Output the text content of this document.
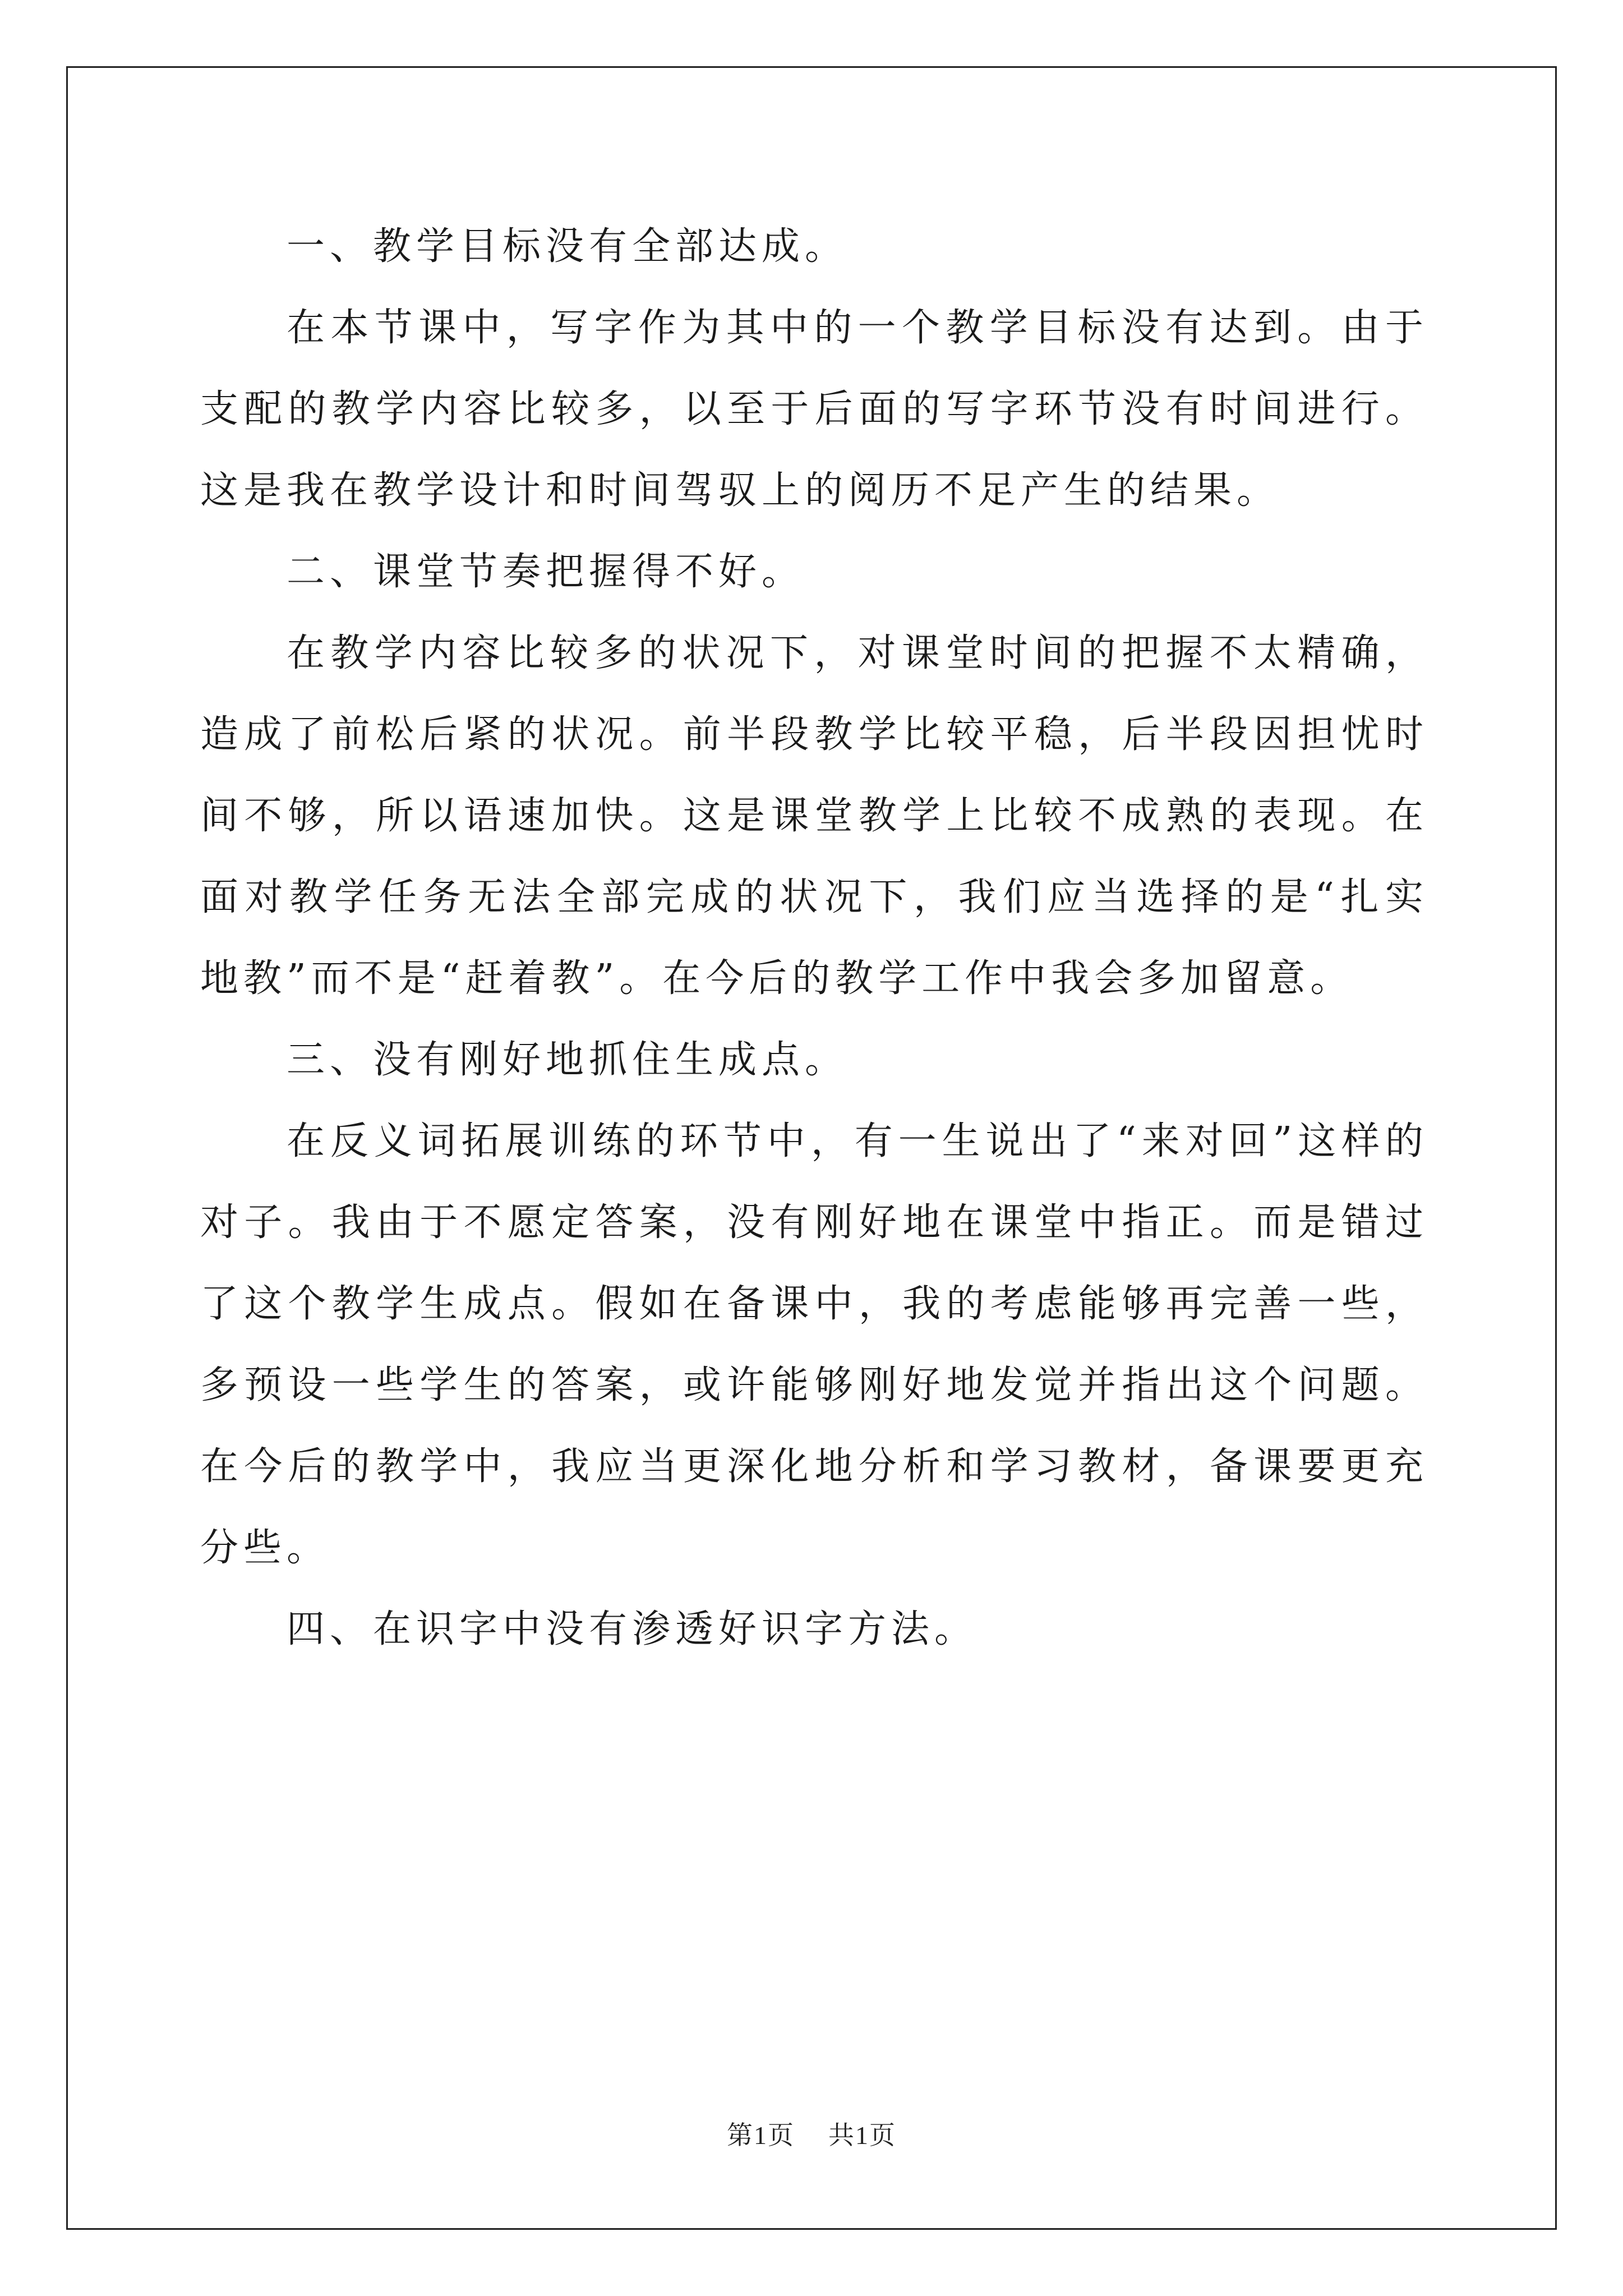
一、教学目标没有全部达成。

在本节课中，写字作为其中的一个教学目标没有达到。由于支配的教学内容比较多，以至于后面的写字环节没有时间进行。这是我在教学设计和时间驾驭上的阅历不足产生的结果。

二、课堂节奏把握得不好。

在教学内容比较多的状况下，对课堂时间的把握不太精确，造成了前松后紧的状况。前半段教学比较平稳，后半段因担忧时间不够，所以语速加快。这是课堂教学上比较不成熟的表现。在面对教学任务无法全部完成的状况下，我们应当选择的是“扎实地教”而不是“赶着教”。在今后的教学工作中我会多加留意。

三、没有刚好地抓住生成点。

在反义词拓展训练的环节中，有一生说出了“来对回”这样的对子。我由于不愿定答案，没有刚好地在课堂中指正。而是错过了这个教学生成点。假如在备课中，我的考虑能够再完善一些，多预设一些学生的答案，或许能够刚好地发觉并指出这个问题。在今后的教学中，我应当更深化地分析和学习教材，备课要更充分些。

四、在识字中没有渗透好识字方法。

第1页 共1页
